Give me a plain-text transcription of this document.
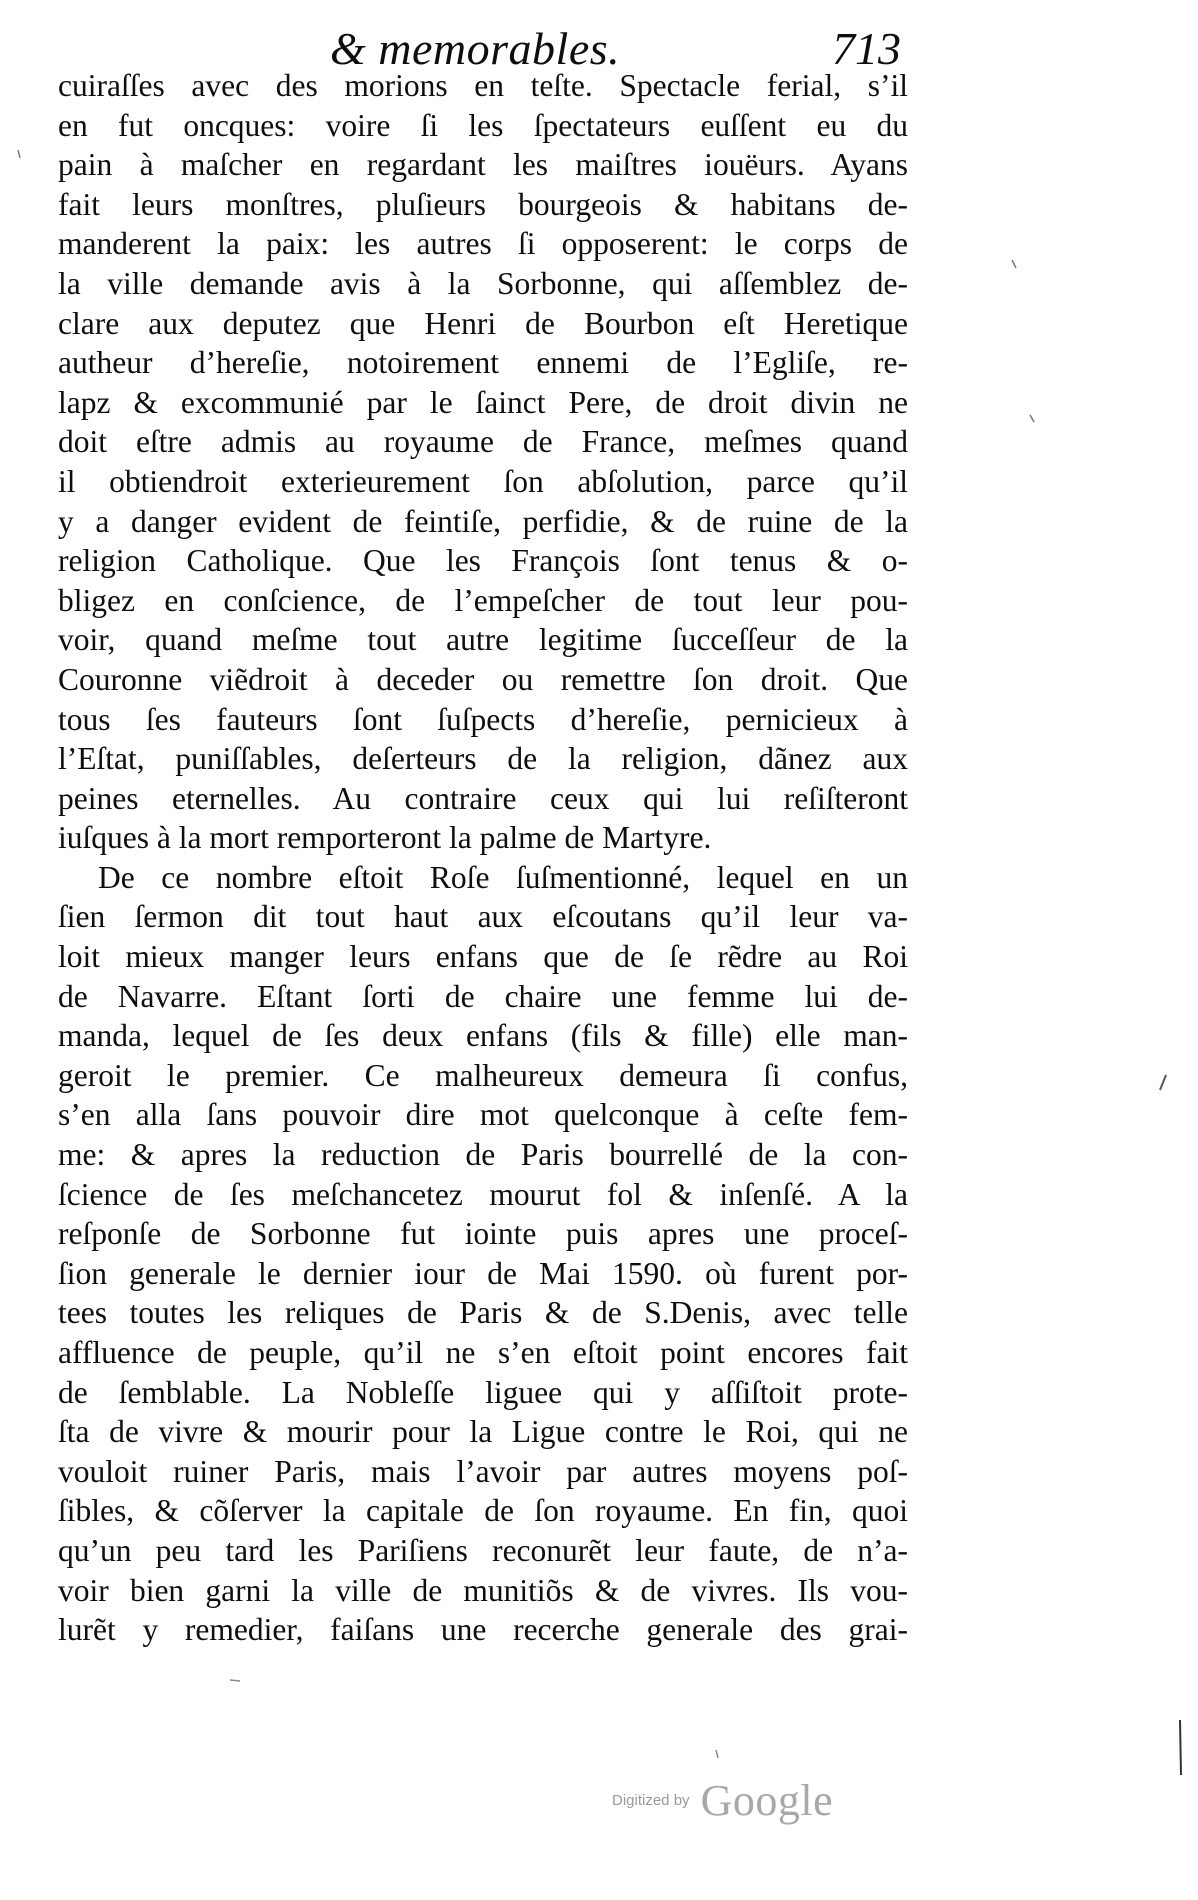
& memorables.	713
cuiraſſes avec des morions en teſte. Spectacle ferial, s’il
en fut oncques: voire ſi les ſpectateurs euſſent eu du
pain à maſcher en regardant les maiſtres iouëurs. Ayans
fait leurs monſtres, pluſieurs bourgeois & habitans de-
manderent la paix: les autres ſi opposerent: le corps de
la ville demande avis à la Sorbonne, qui aſſemblez de-
clare aux deputez que Henri de Bourbon eſt Heretique
autheur d’hereſie, notoirement ennemi de l’Egliſe, re-
lapz & excommunié par le ſainct Pere, de droit divin ne
doit eſtre admis au royaume de France, meſmes quand
il obtiendroit exterieurement ſon abſolution, parce qu’il
y a danger evident de feintiſe, perfidie, & de ruine de la
religion Catholique. Que les François ſont tenus & o-
bligez en conſcience, de l’empeſcher de tout leur pou-
voir, quand meſme tout autre legitime ſucceſſeur de la
Couronne viẽdroit à deceder ou remettre ſon droit. Que
tous ſes fauteurs ſont ſuſpects d’hereſie, pernicieux à
l’Eſtat, puniſſables, deſerteurs de la religion, dãnez aux
peines eternelles. Au contraire ceux qui lui reſiſteront
iuſques à la mort remporteront la palme de Martyre.
De ce nombre eſtoit Roſe ſuſmentionné, lequel en un
ſien ſermon dit tout haut aux eſcoutans qu’il leur va-
loit mieux manger leurs enfans que de ſe rẽdre au Roi
de Navarre. Eſtant ſorti de chaire une femme lui de-
manda, lequel de ſes deux enfans (fils & fille) elle man-
geroit le premier. Ce malheureux demeura ſi confus,
s’en alla ſans pouvoir dire mot quelconque à ceſte fem-
me: & apres la reduction de Paris bourrellé de la con-
ſcience de ſes meſchancetez mourut fol & inſenſé. A la
reſponſe de Sorbonne fut iointe puis apres une proceſ-
ſion generale le dernier iour de Mai 1590. où furent por-
tees toutes les reliques de Paris & de S.Denis, avec telle
affluence de peuple, qu’il ne s’en eſtoit point encores fait
de ſemblable. La Nobleſſe liguee qui y aſſiſtoit prote-
ſta de vivre & mourir pour la Ligue contre le Roi, qui ne
vouloit ruiner Paris, mais l’avoir par autres moyens poſ-
ſibles, & cõſerver la capitale de ſon royaume. En fin, quoi
qu’un peu tard les Pariſiens reconurẽt leur faute, de n’a-
voir bien garni la ville de munitiõs & de vivres. Ils vou-
lurẽt y remedier, faiſans une recerche generale des grai-
Digitized by Google
